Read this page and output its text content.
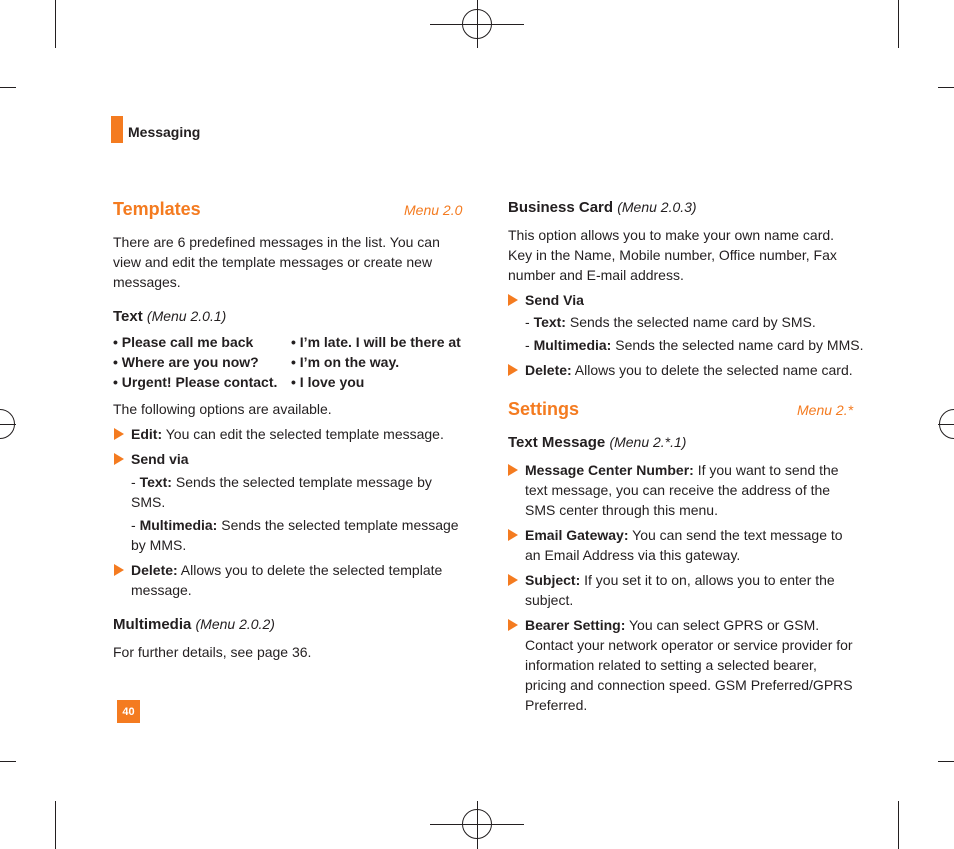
Messaging
Templates	Menu 2.0
There are 6 predefined messages in the list. You can view and edit the template messages or create new messages.
Text (Menu 2.0.1)
• Please call me back
• Where are you now?
• Urgent! Please contact.
• I’m late. I will be there at
• I’m on the way.
• I love you
The following options are available.
Edit: You can edit the selected template message.
Send via
- Text: Sends the selected template message by SMS.
- Multimedia: Sends the selected template message by MMS.
Delete: Allows you to delete the selected template message.
Multimedia (Menu 2.0.2)
For further details, see page 36.
40
Business Card (Menu 2.0.3)
This option allows you to make your own name card. Key in the Name, Mobile number, Office number, Fax number and E-mail address.
Send Via
- Text: Sends the selected name card by SMS.
- Multimedia: Sends the selected name card by MMS.
Delete: Allows you to delete the selected name card.
Settings	Menu 2.*
Text Message (Menu 2.*.1)
Message Center Number: If you want to send the text message, you can receive the address of the SMS center through this menu.
Email Gateway: You can send the text message to an Email Address via this gateway.
Subject: If you set it to on, allows you to enter the subject.
Bearer Setting: You can select GPRS or GSM. Contact your network operator or service provider for information related to setting a selected bearer, pricing and connection speed. GSM Preferred/GPRS Preferred.
